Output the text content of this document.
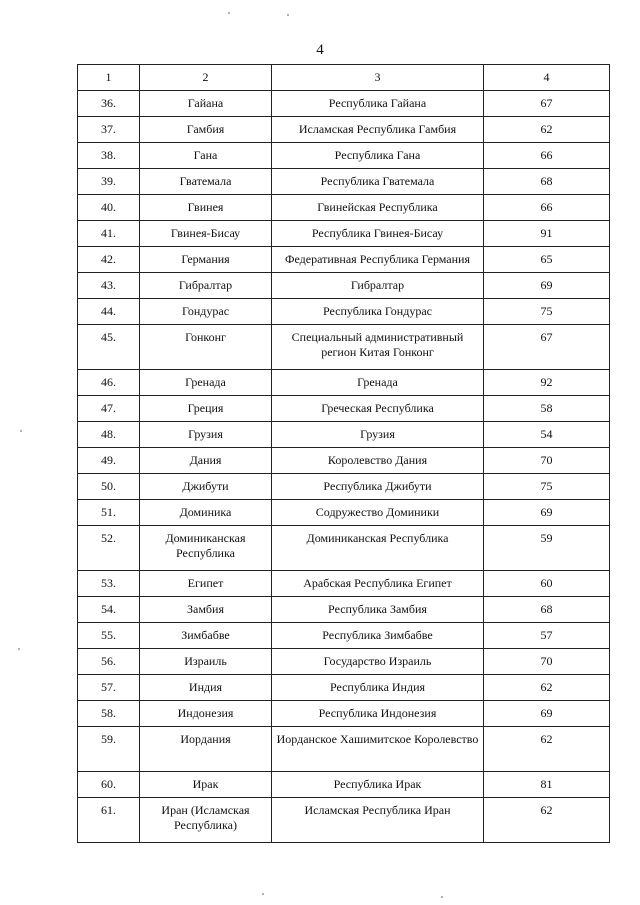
4
1	2	3	4
36.	Гайана	Республика Гайана	67
37.	Гамбия	Исламская Республика Гамбия	62
38.	Гана	Республика Гана	66
39.	Гватемала	Республика Гватемала	68
40.	Гвинея	Гвинейская Республика	66
41.	Гвинея-Бисау	Республика Гвинея-Бисау	91
42.	Германия	Федеративная Республика Германия	65
43.	Гибралтар	Гибралтар	69
44.	Гондурас	Республика Гондурас	75
45.	Гонконг	Специальный административный регион Китая Гонконг	67
46.	Гренада	Гренада	92
47.	Греция	Греческая Республика	58
48.	Грузия	Грузия	54
49.	Дания	Королевство Дания	70
50.	Джибути	Республика Джибути	75
51.	Доминика	Содружество Доминики	69
52.	Доминиканская Республика	Доминиканская Республика	59
53.	Египет	Арабская Республика Египет	60
54.	Замбия	Республика Замбия	68
55.	Зимбабве	Республика Зимбабве	57
56.	Израиль	Государство Израиль	70
57.	Индия	Республика Индия	62
58.	Индонезия	Республика Индонезия	69
59.	Иордания	Иорданское Хашимитское Королевство	62
60.	Ирак	Республика Ирак	81
61.	Иран (Исламская Республика)	Исламская Республика Иран	62
